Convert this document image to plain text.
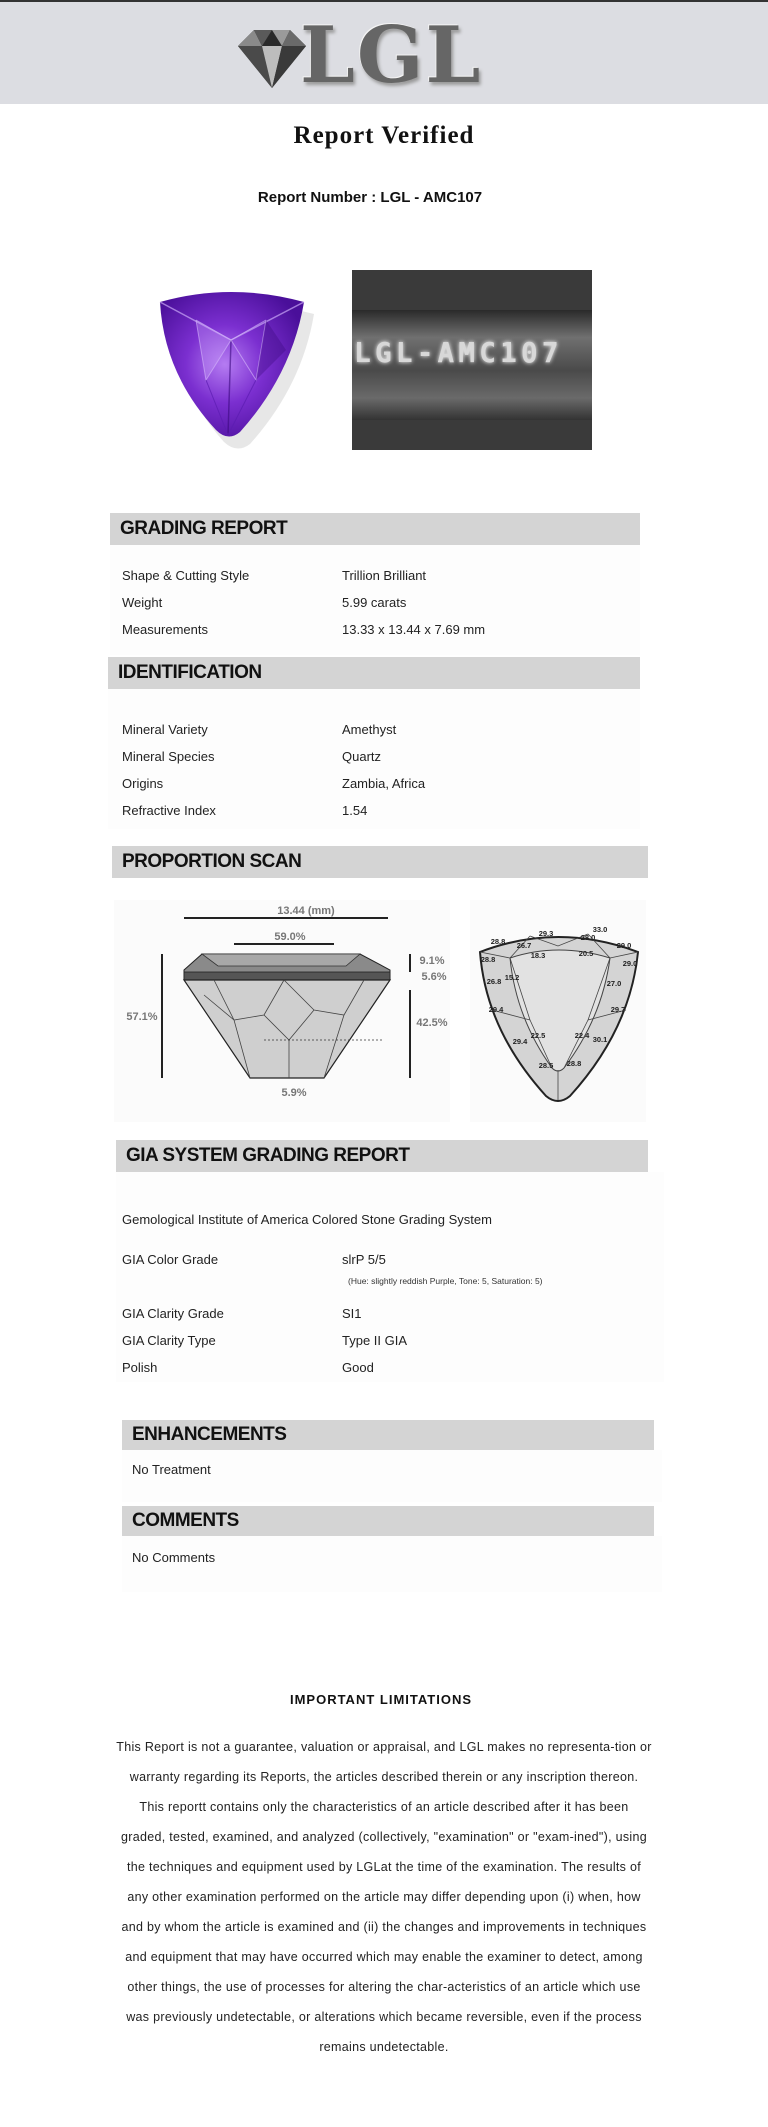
LGL
Report Verified
Report Number : LGL - AMC107
LGL-AMC107
GRADING REPORT
Shape & Cutting Style	Trillion Brilliant
Weight	5.99 carats
Measurements	13.33 x 13.44 x 7.69 mm
IDENTIFICATION
Mineral Variety	Amethyst
Mineral Species	Quartz
Origins	Zambia, Africa
Refractive Index	1.54
PROPORTION SCAN
13.44 (mm)
59.0%
57.1%
9.1%
5.6%
42.5%
5.9%
28.8
29.3	33.0
28.8
26.7
18.3
29.0
20.5
28.0
26.8 15.2
29.0
27.0
29.4	29.7
22.5	22.4 30.1
29.4
28.8
28.5
GIA SYSTEM GRADING REPORT
Gemological Institute of America Colored Stone Grading System
GIA Color Grade	slrP 5/5
(Hue: slightly reddish Purple, Tone: 5, Saturation: 5)
GIA Clarity Grade	SI1
GIA Clarity Type	Type II GIA
Polish	Good
ENHANCEMENTS
No Treatment
COMMENTS
No Comments
IMPORTANT LIMITATIONS
This Report is not a guarantee, valuation or appraisal, and LGL makes no representa-tion or warranty regarding its Reports, the articles described therein or any inscription thereon. This reportt contains only the characteristics of an article described after it has been graded, tested, examined, and analyzed (collectively, "examination" or "exam-ined"), using the techniques and equipment used by LGLat the time of the examination. The results of any other examination performed on the article may differ depending upon (i) when, how and by whom the article is examined and (ii) the changes and improvements in techniques and equipment that may have occurred which may enable the examiner to detect, among other things, the use of processes for altering the char-acteristics of an article which use was previously undetectable, or alterations which became reversible, even if the process remains undetectable.
